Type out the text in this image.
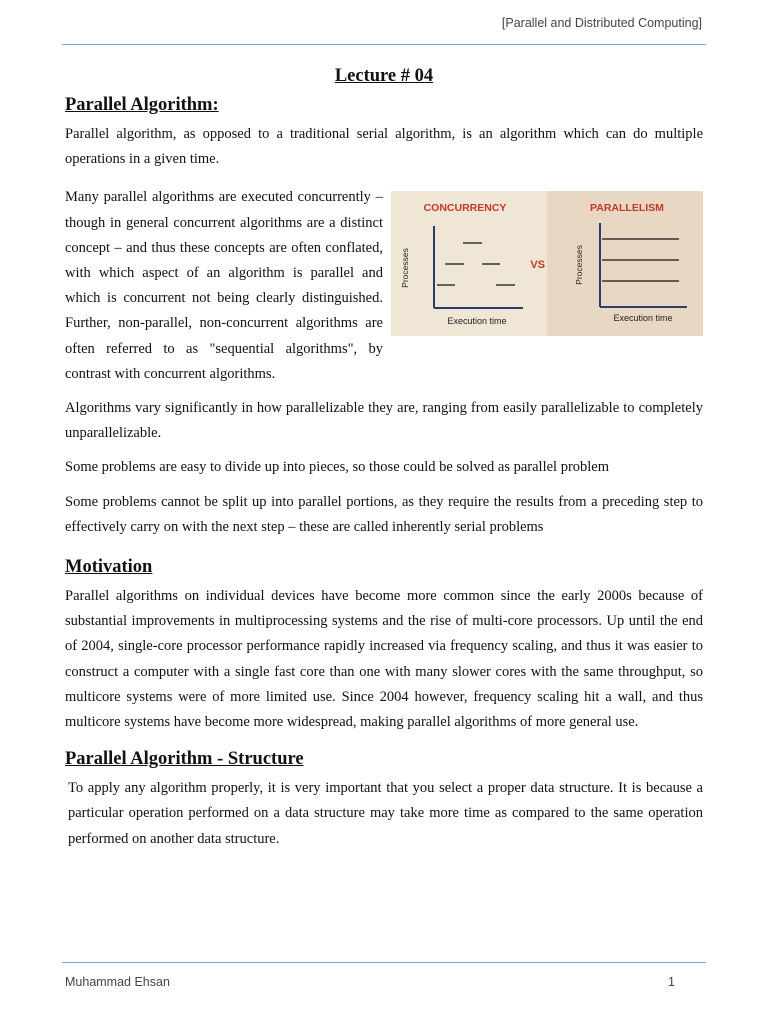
[Parallel and Distributed Computing]
Lecture # 04
Parallel Algorithm:

Parallel algorithm, as opposed to a traditional serial algorithm, is an algorithm which can do multiple operations in a given time.

Many parallel algorithms are executed concurrently – though in general concurrent algorithms are a distinct concept – and thus these concepts are often conflated, with which aspect of an algorithm is parallel and which is concurrent not being clearly distinguished. Further, non-parallel, non-concurrent algorithms are often referred to as "sequential algorithms", by contrast with concurrent algorithms.

CONCURRENCY
Processes
Execution time
VS
PARALLELISM
Processes
Execution time

Algorithms vary significantly in how parallelizable they are, ranging from easily parallelizable to completely unparallelizable.

Some problems are easy to divide up into pieces, so those could be solved as parallel problem

Some problems cannot be split up into parallel portions, as they require the results from a preceding step to effectively carry on with the next step – these are called inherently serial problems

Motivation

Parallel algorithms on individual devices have become more common since the early 2000s because of substantial improvements in multiprocessing systems and the rise of multi-core processors. Up until the end of 2004, single-core processor performance rapidly increased via frequency scaling, and thus it was easier to construct a computer with a single fast core than one with many slower cores with the same throughput, so multicore systems were of more limited use. Since 2004 however, frequency scaling hit a wall, and thus multicore systems have become more widespread, making parallel algorithms of more general use.

Parallel Algorithm - Structure

To apply any algorithm properly, it is very important that you select a proper data structure. It is because a particular operation performed on a data structure may take more time as compared to the same operation performed on another data structure.

Muhammad Ehsan	1
